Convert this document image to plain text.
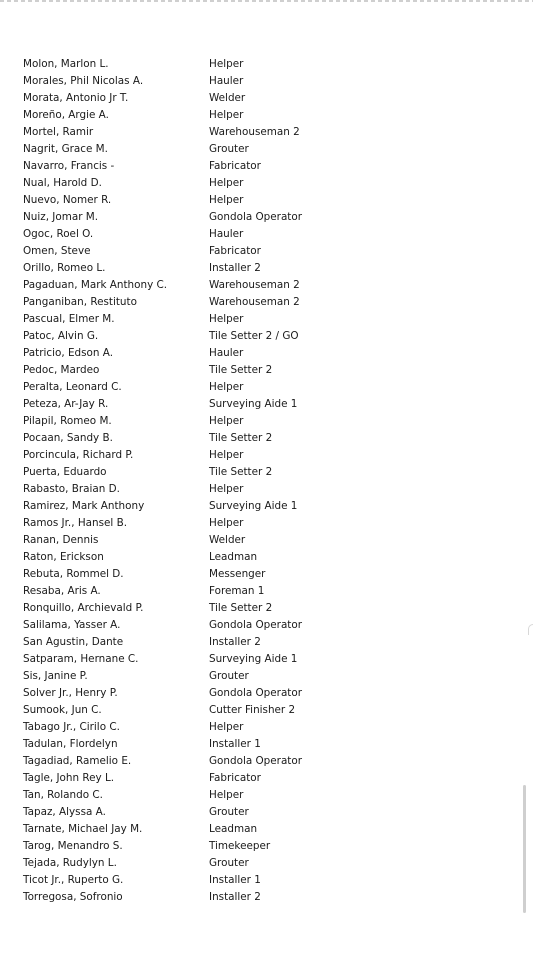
Molon, Marlon L.	Helper
Morales, Phil Nicolas A.	Hauler
Morata, Antonio Jr T.	Welder
Moreño, Argie A.	Helper
Mortel, Ramir	Warehouseman 2
Nagrit, Grace M.	Grouter
Navarro, Francis -	Fabricator
Nual, Harold D.	Helper
Nuevo, Nomer R.	Helper
Nuiz, Jomar M.	Gondola Operator
Ogoc, Roel O.	Hauler
Omen, Steve	Fabricator
Orillo, Romeo L.	Installer 2
Pagaduan, Mark Anthony C.	Warehouseman 2
Panganiban, Restituto	Warehouseman 2
Pascual, Elmer M.	Helper
Patoc, Alvin G.	Tile Setter 2 / GO
Patricio, Edson A.	Hauler
Pedoc, Mardeo	Tile Setter 2
Peralta, Leonard C.	Helper
Peteza, Ar-Jay R.	Surveying Aide 1
Pilapil, Romeo M.	Helper
Pocaan, Sandy B.	Tile Setter 2
Porcincula, Richard P.	Helper
Puerta, Eduardo	Tile Setter 2
Rabasto, Braian D.	Helper
Ramirez, Mark Anthony	Surveying Aide 1
Ramos Jr., Hansel B.	Helper
Ranan, Dennis	Welder
Raton, Erickson	Leadman
Rebuta, Rommel D.	Messenger
Resaba, Aris A.	Foreman 1
Ronquillo, Archievald P.	Tile Setter 2
Salilama, Yasser A.	Gondola Operator
San Agustin, Dante	Installer 2
Satparam, Hernane C.	Surveying Aide 1
Sis, Janine P.	Grouter
Solver Jr., Henry P.	Gondola Operator
Sumook, Jun C.	Cutter Finisher 2
Tabago Jr., Cirilo C.	Helper
Tadulan, Flordelyn	Installer 1
Tagadiad, Ramelio E.	Gondola Operator
Tagle, John Rey L.	Fabricator
Tan, Rolando C.	Helper
Tapaz, Alyssa A.	Grouter
Tarnate, Michael Jay M.	Leadman
Tarog, Menandro S.	Timekeeper
Tejada, Rudylyn L.	Grouter
Ticot Jr., Ruperto G.	Installer 1
Torregosa, Sofronio	Installer 2
